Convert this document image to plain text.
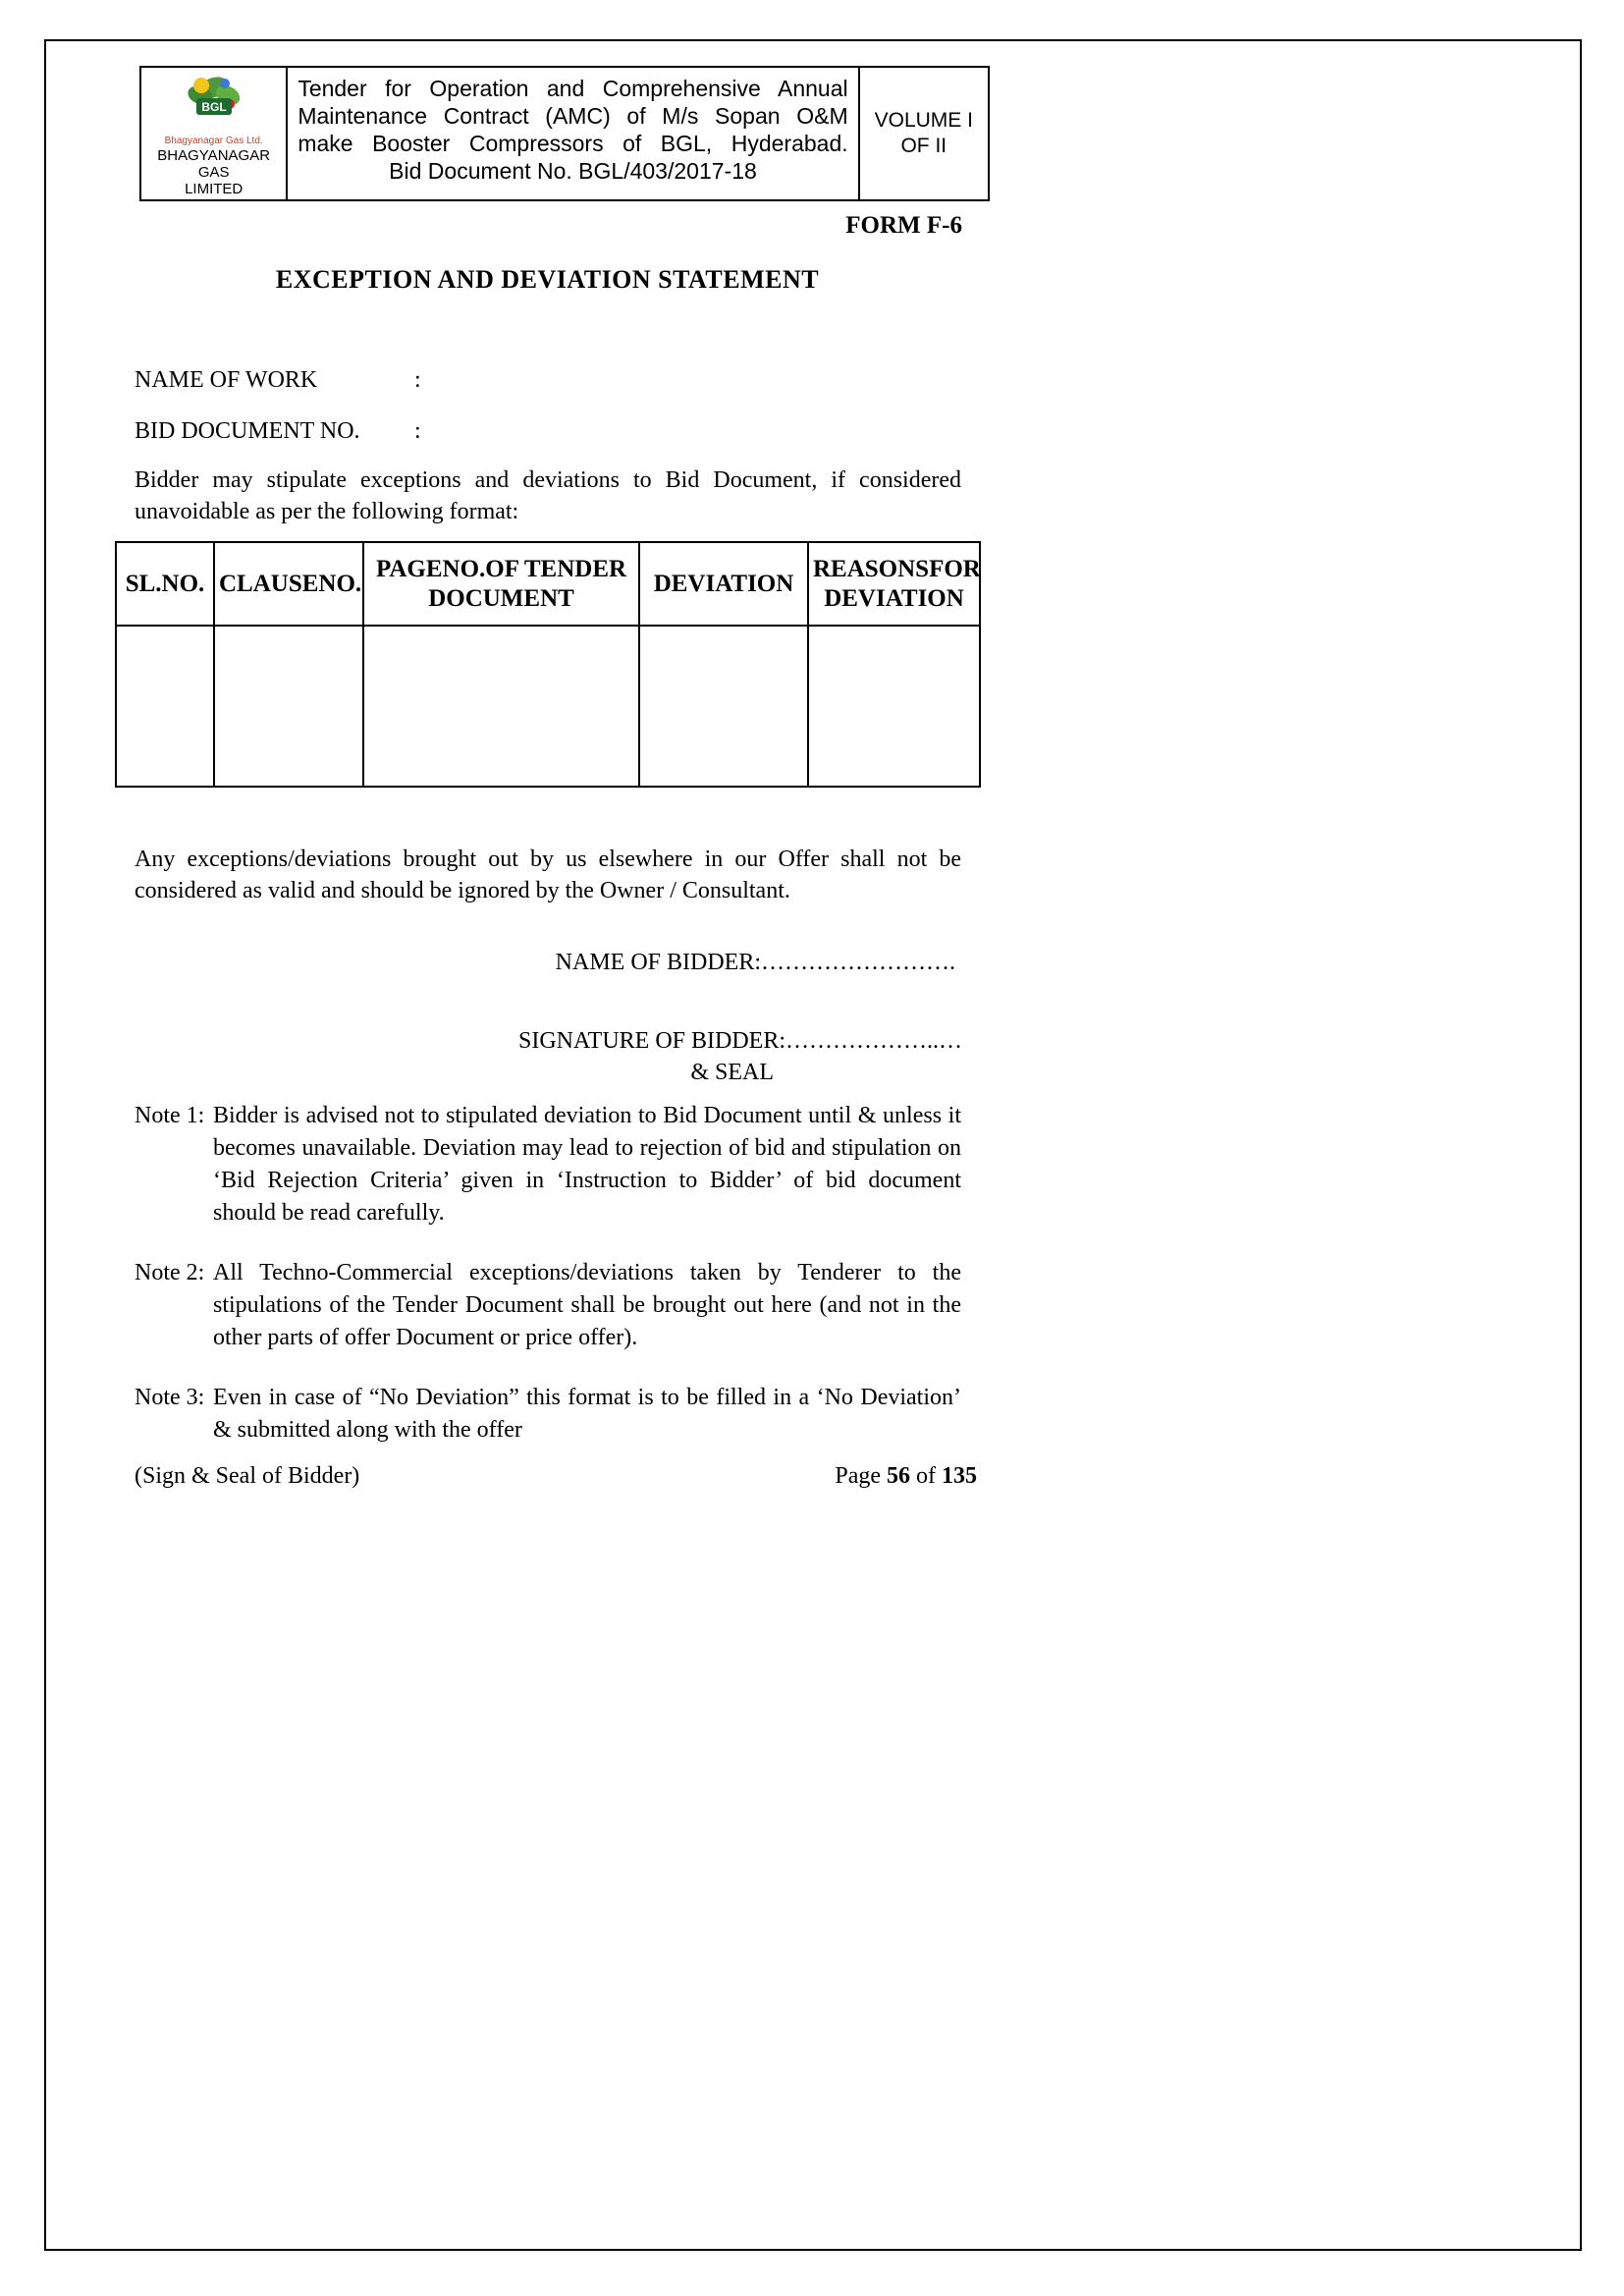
BGL
Bhagyanagar Gas Ltd.
BHAGYANAGAR GAS
LIMITED
Tender for Operation and Comprehensive Annual
Maintenance Contract (AMC) of M/s Sopan O&M
make Booster Compressors of BGL, Hyderabad.
Bid Document No. BGL/403/2017-18
VOLUME I
OF II
FORM F-6
EXCEPTION AND DEVIATION STATEMENT
NAME OF WORK	:
BID DOCUMENT NO. :
Bidder may stipulate exceptions and deviations to Bid Document, if considered unavoidable as per the following format:
SL.NO.	CLAUSENO.	PAGENO.OF TENDER DOCUMENT	DEVIATION	REASONSFOR DEVIATION

Any exceptions/deviations brought out by us elsewhere in our Offer shall not be considered as valid and should be ignored by the Owner / Consultant.
NAME OF BIDDER:…………………….
SIGNATURE OF BIDDER:………………..…
& SEAL
Note 1: Bidder is advised not to stipulated deviation to Bid Document until & unless it becomes unavailable. Deviation may lead to rejection of bid and stipulation on ‘Bid Rejection Criteria’ given in ‘Instruction to Bidder’ of bid document should be read carefully.
Note 2: All Techno-Commercial exceptions/deviations taken by Tenderer to the stipulations of the Tender Document shall be brought out here (and not in the other parts of offer Document or price offer).
Note 3: Even in case of “No Deviation” this format is to be filled in a ‘No Deviation’ & submitted along with the offer
(Sign & Seal of Bidder)	Page 56 of 135
